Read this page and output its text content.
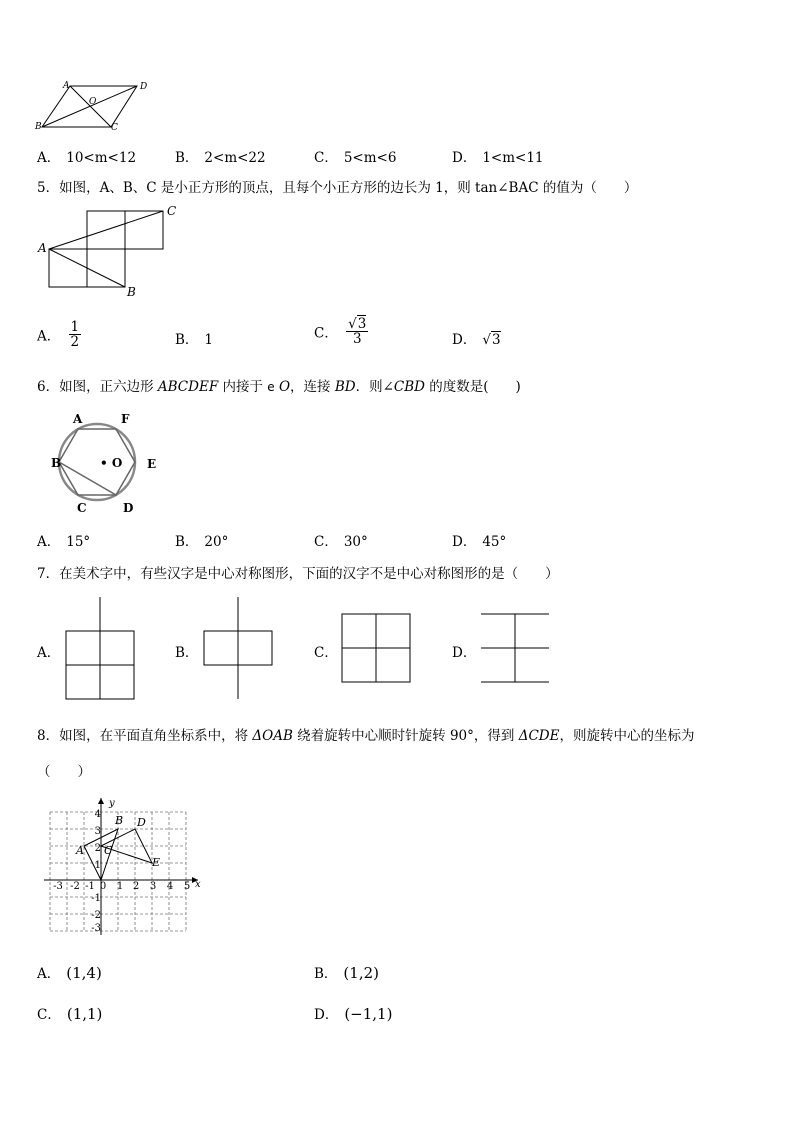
A	D
O
B	C
A． 10<m<12	B． 2<m<22	C． 5<m<6	D． 1<m<11
5．如图，A、B、C 是小正方形的顶点，且每个小正方形的边长为 1，则 tan∠BAC 的值为（　　）
A
C
B
A． $\frac{1}{2}$	B． 1	C． $\frac{√3}{3}$	D． √3
6．如图，正六边形 ABCDEF 内接于 e O，连接 BD．则∠CBD 的度数是(　　)
A	F
B	• O E
C	D
A． 15°	B． 20°	C． 30°	D． 45°
7．在美术字中，有些汉字是中心对称图形，下面的汉字不是中心对称图形的是（　　）
A．	B．	C．	D．
8．如图，在平面直角坐标系中，将 ΔOAB 绕着旋转中心顺时针旋转 90°，得到 ΔCDE，则旋转中心的坐标为
（　　）
y
x
4
3
2
1
-1
-2
-3
-3 -2 -1 0 1 2 3 4 5
A
B
C
D
E
A． (1,4)	B． (1,2)
C． (1,1)	D． (−1,1)
